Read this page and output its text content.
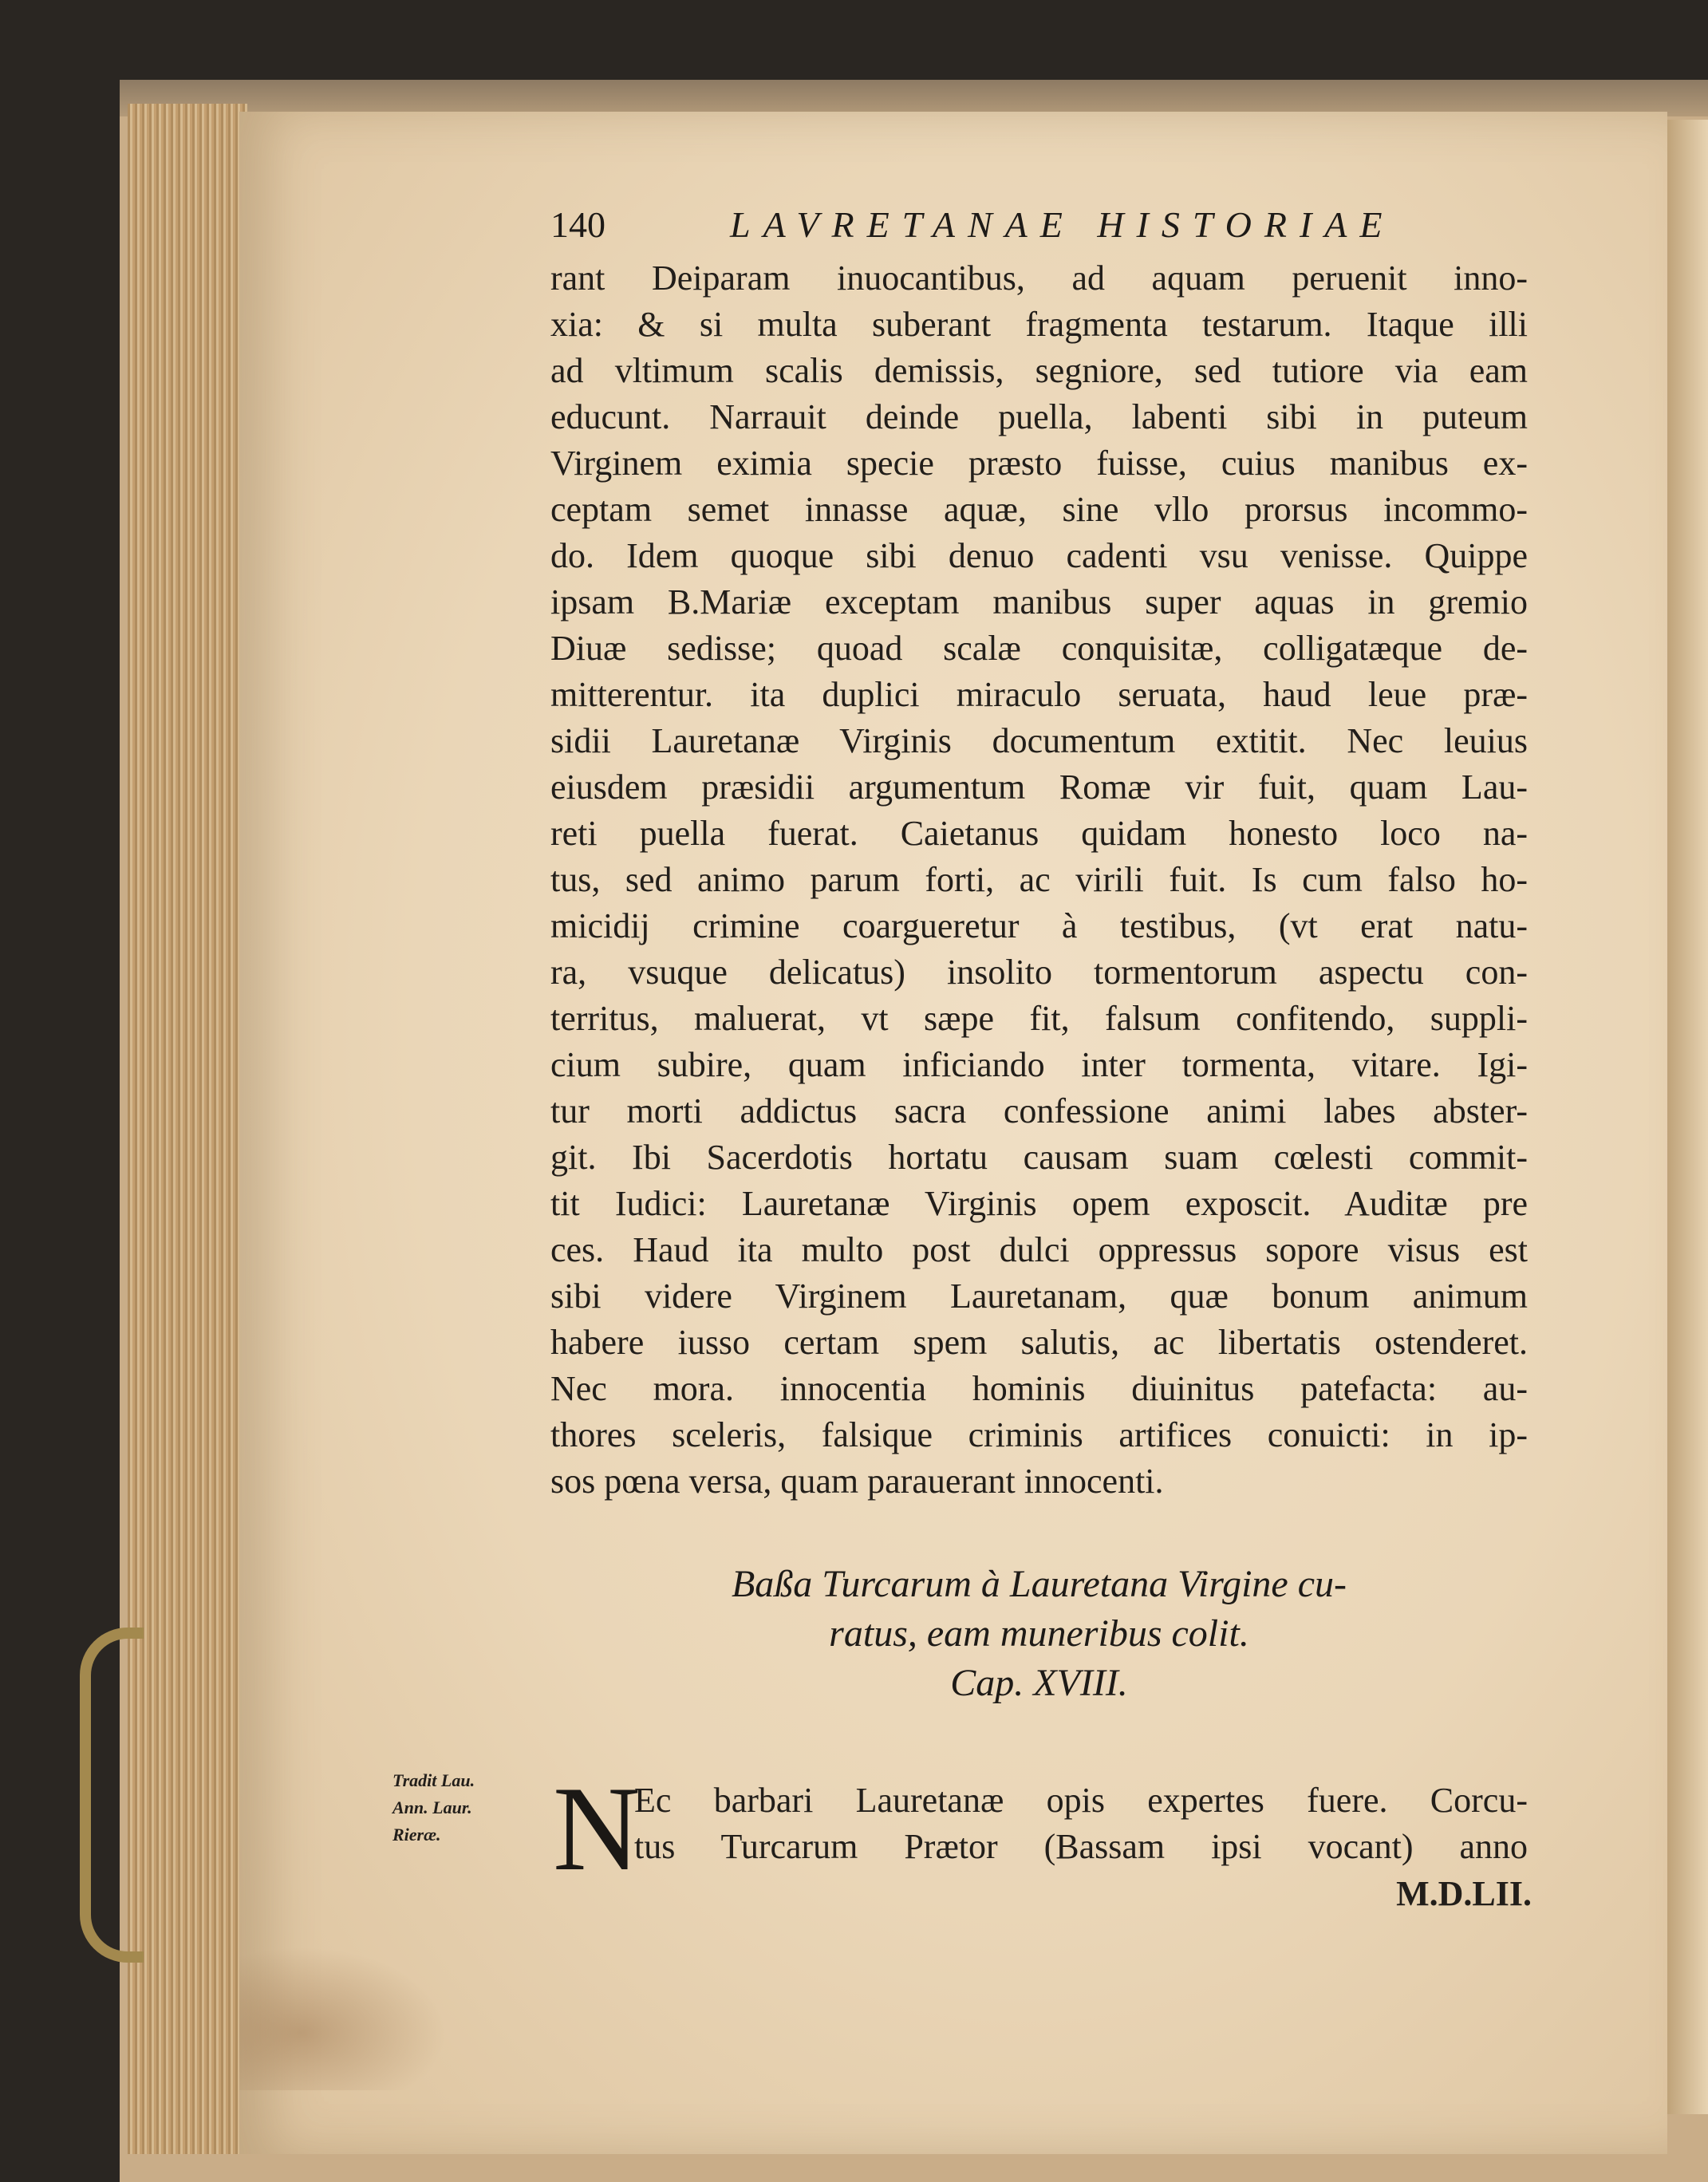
140	LAVRETANAE HISTORIAE
rant Deiparam inuocantibus, ad aquam peruenit inno-
xia: & si multa suberant fragmenta testarum. Itaque illi
ad vltimum scalis demissis, segniore, sed tutiore via eam
educunt. Narrauit deinde puella, labenti sibi in puteum
Virginem eximia specie præsto fuisse, cuius manibus ex-
ceptam semet innasse aquæ, sine vllo prorsus incommo-
do. Idem quoque sibi denuo cadenti vsu venisse. Quippe
ipsam B.Mariæ exceptam manibus super aquas in gremio
Diuæ sedisse; quoad scalæ conquisitæ, colligatæque de-
mitterentur. ita duplici miraculo seruata, haud leue præ-
sidii Lauretanæ Virginis documentum extitit. Nec leuius
eiusdem præsidii argumentum Romæ vir fuit, quam Lau-
reti puella fuerat. Caietanus quidam honesto loco na-
tus, sed animo parum forti, ac virili fuit. Is cum falso ho-
micidij crimine coargueretur à testibus, (vt erat natu-
ra, vsuque delicatus) insolito tormentorum aspectu con-
territus, maluerat, vt sæpe fit, falsum confitendo, suppli-
cium subire, quam inficiando inter tormenta, vitare. Igi-
tur morti addictus sacra confessione animi labes abster-
git. Ibi Sacerdotis hortatu causam suam cœlesti commit-
tit Iudici: Lauretanæ Virginis opem exposcit. Auditæ pre
ces. Haud ita multo post dulci oppressus sopore visus est
sibi videre Virginem Lauretanam, quæ bonum animum
habere iusso certam spem salutis, ac libertatis ostenderet.
Nec mora. innocentia hominis diuinitus patefacta: au-
thores sceleris, falsique criminis artifices conuicti: in ip-
sos pœna versa, quam parauerant innocenti.
Baßa Turcarum à Lauretana Virgine cu-
ratus, eam muneribus colit.
Cap. XVIII.
Tradit Lau.
Ann. Laur.
Rieræ. N
Ec barbari Lauretanæ opis expertes fuere. Corcu-
tus Turcarum Prætor (Bassam ipsi vocant) anno
M.D.LII.
